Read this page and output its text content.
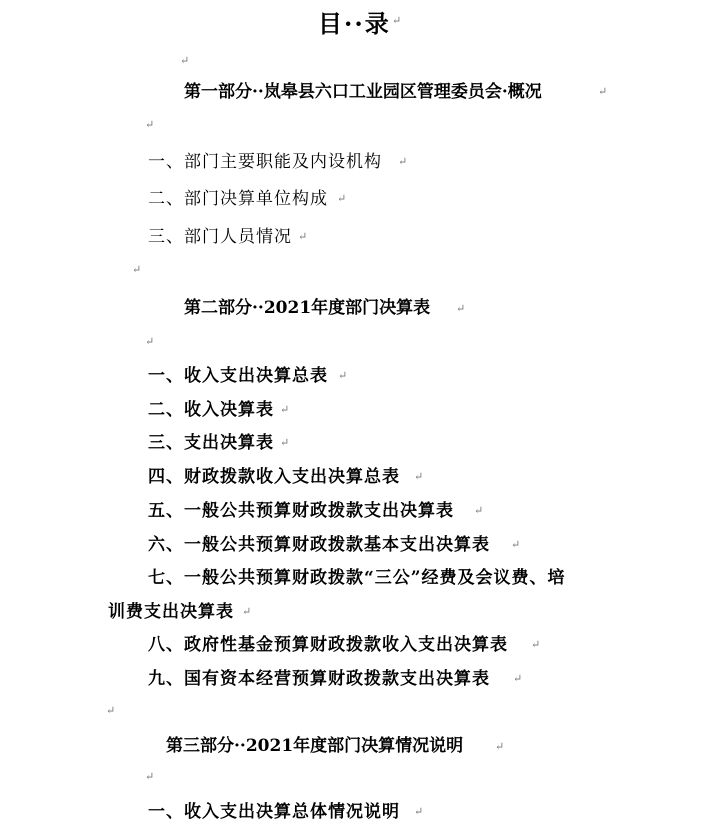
目··录 ↵
↵
第一部分··岚皋县六口工业园区管理委员会·概况	↵
↵
一、部门主要职能及内设机构 ↵
二、部门决算单位构成 ↵
三、部门人员情况 ↵
↵
第二部分··2021年度部门决算表 ↵
↵
一、收入支出决算总表 ↵
二、收入决算表 ↵
三、支出决算表 ↵
四、财政拨款收入支出决算总表 ↵
五、一般公共预算财政拨款支出决算表 ↵
六、一般公共预算财政拨款基本支出决算表 ↵
七、一般公共预算财政拨款“三公”经费及会议费、培
训费支出决算表 ↵
八、政府性基金预算财政拨款收入支出决算表 ↵
九、国有资本经营预算财政拨款支出决算表 ↵
↵
第三部分··2021年度部门决算情况说明	↵
↵
一、收入支出决算总体情况说明 ↵
